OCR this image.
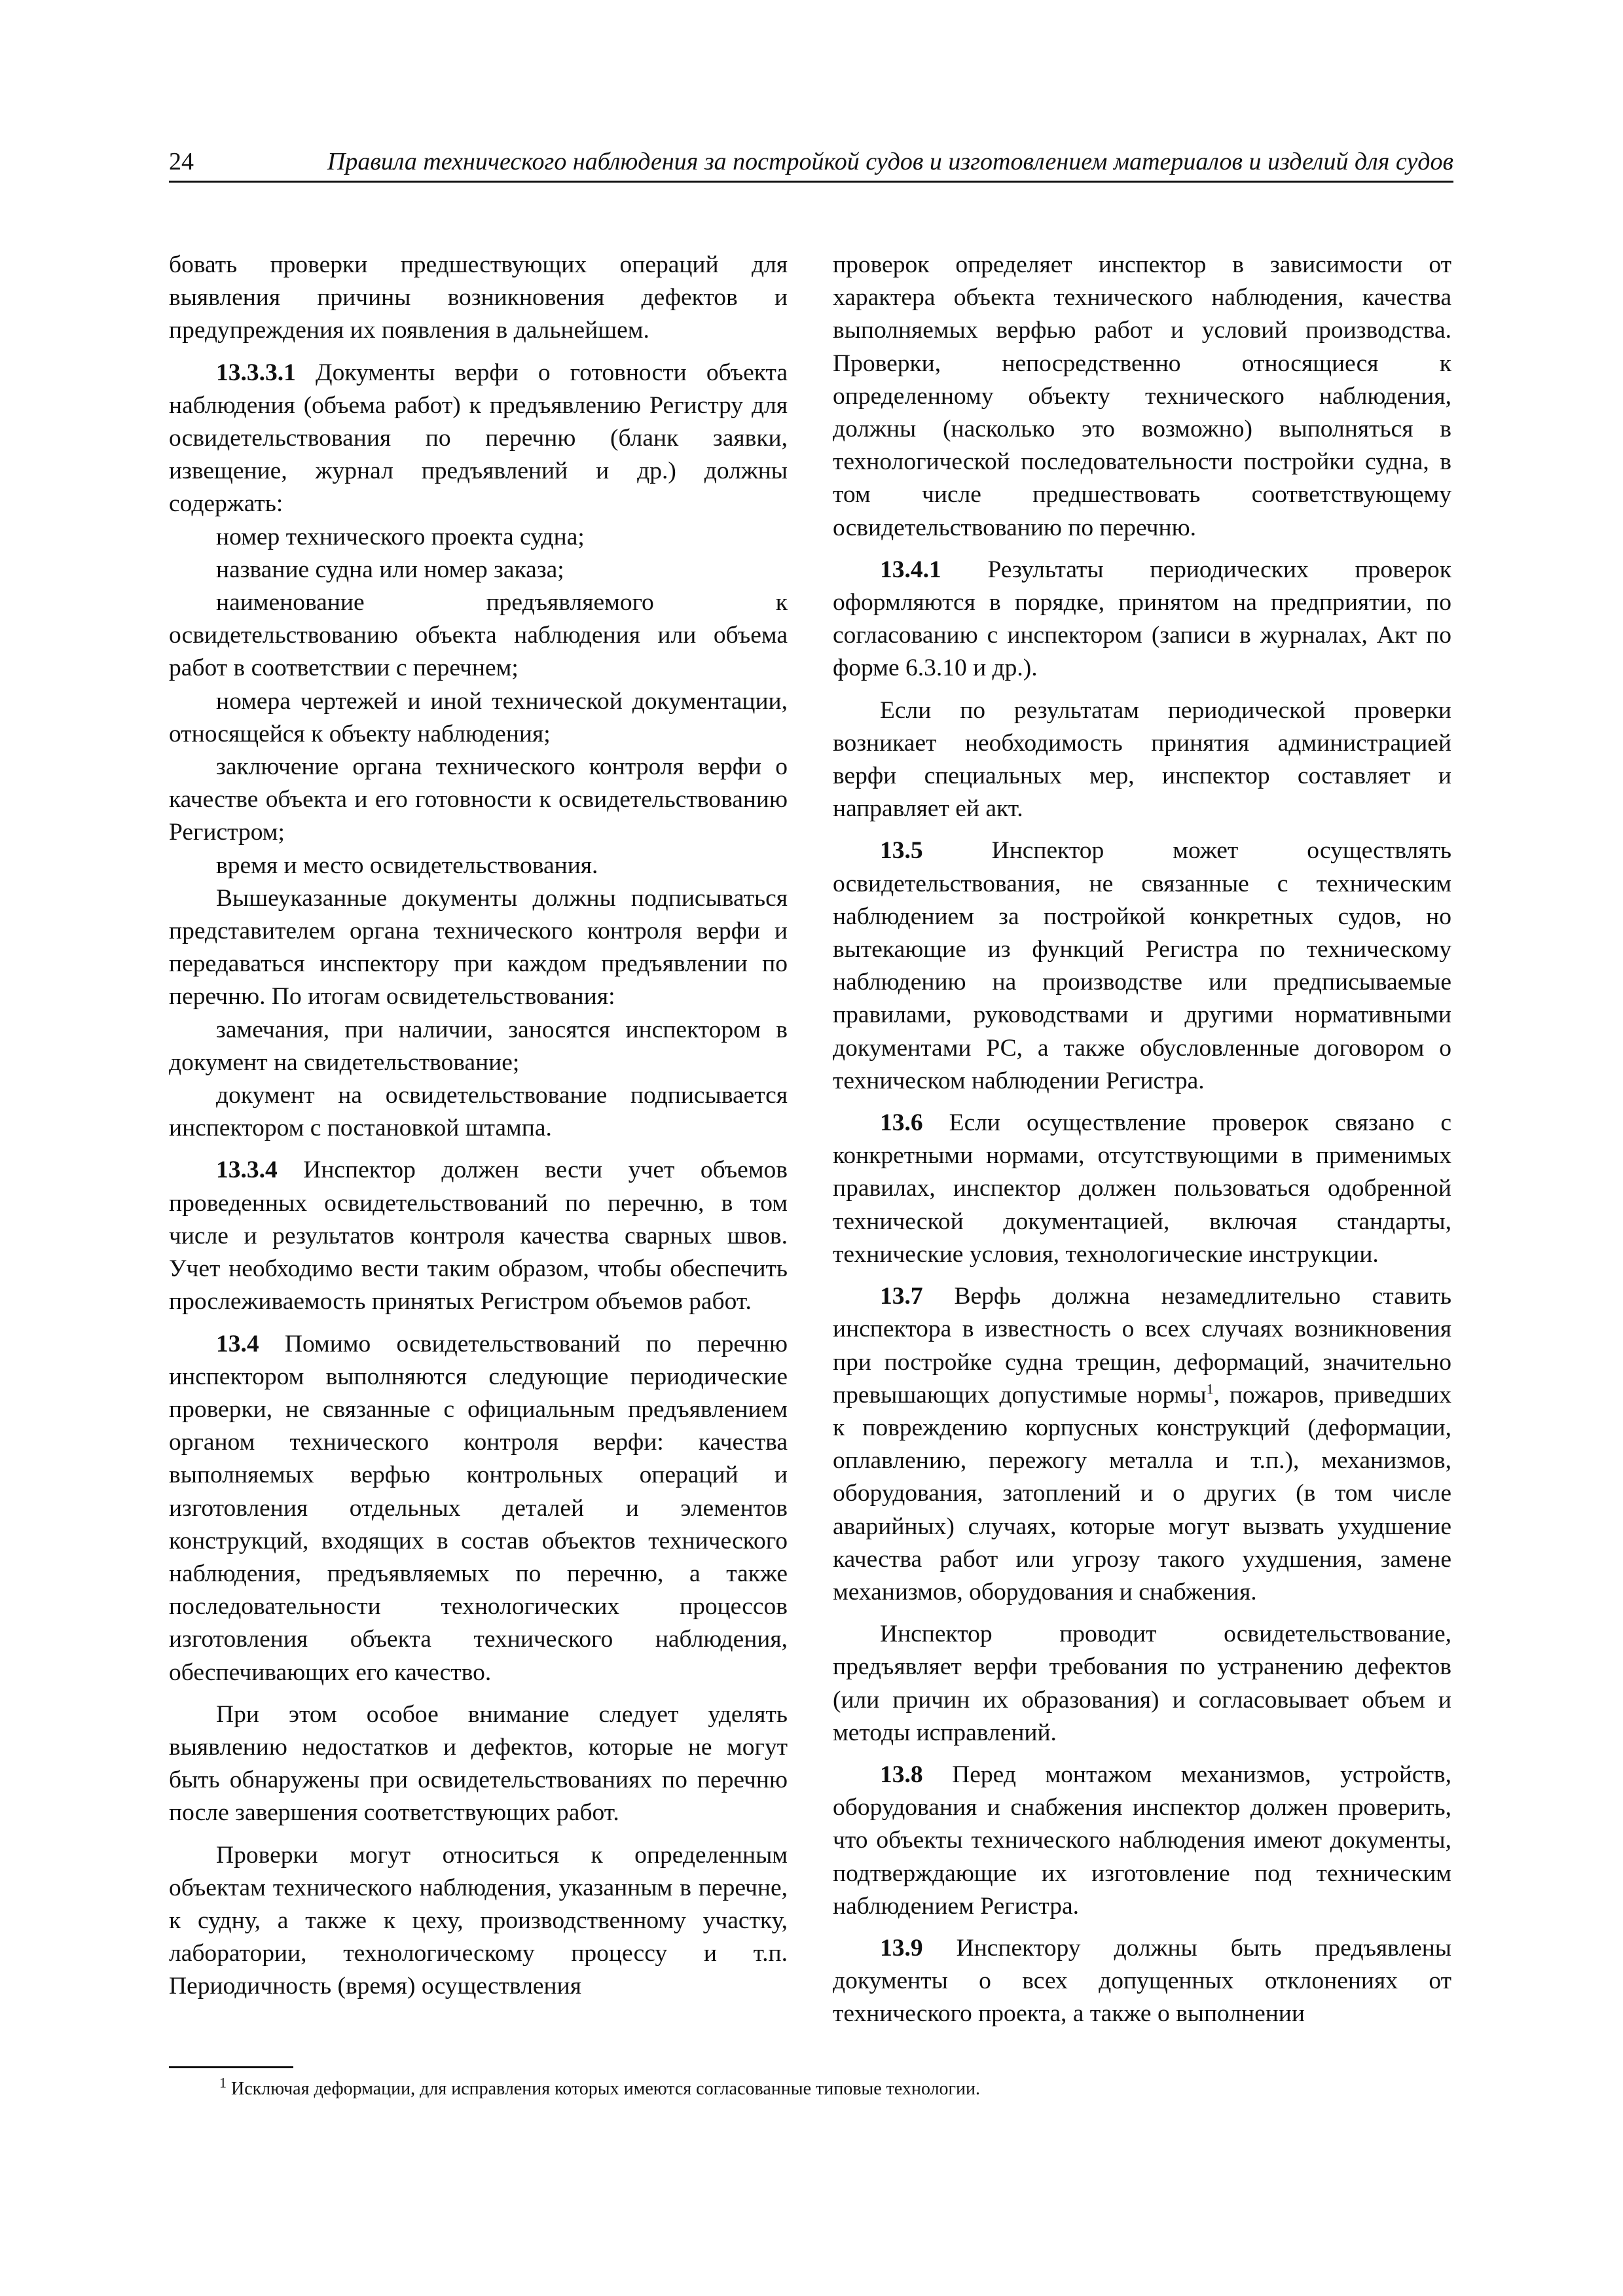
24	Правила технического наблюдения за постройкой судов и изготовлением материалов и изделий для судов

бовать проверки предшествующих операций для выявления причины возникновения дефектов и предупреждения их появления в дальнейшем.

13.3.3.1 Документы верфи о готовности объекта наблюдения (объема работ) к предъявлению Регистру для освидетельствования по перечню (бланк заявки, извещение, журнал предъявлений и др.) должны содержать:

номер технического проекта судна;

название судна или номер заказа;

наименование предъявляемого к освидетельствованию объекта наблюдения или объема работ в соответствии с перечнем;

номера чертежей и иной технической документации, относящейся к объекту наблюдения;

заключение органа технического контроля верфи о качестве объекта и его готовности к освидетельствованию Регистром;

время и место освидетельствования.

Вышеуказанные документы должны подписываться представителем органа технического контроля верфи и передаваться инспектору при каждом предъявлении по перечню. По итогам освидетельствования:

замечания, при наличии, заносятся инспектором в документ на свидетельствование;

документ на освидетельствование подписывается инспектором с постановкой штампа.

13.3.4 Инспектор должен вести учет объемов проведенных освидетельствований по перечню, в том числе и результатов контроля качества сварных швов. Учет необходимо вести таким образом, чтобы обеспечить прослеживаемость принятых Регистром объемов работ.

13.4 Помимо освидетельствований по перечню инспектором выполняются следующие периодические проверки, не связанные с официальным предъявлением органом технического контроля верфи: качества выполняемых верфью контрольных операций и изготовления отдельных деталей и элементов конструкций, входящих в состав объектов технического наблюдения, предъявляемых по перечню, а также последовательности технологических процессов изготовления объекта технического наблюдения, обеспечивающих его качество.

При этом особое внимание следует уделять выявлению недостатков и дефектов, которые не могут быть обнаружены при освидетельствованиях по перечню после завершения соответствующих работ.

Проверки могут относиться к определенным объектам технического наблюдения, указанным в перечне, к судну, а также к цеху, производственному участку, лаборатории, технологическому процессу и т.п. Периодичность (время) осуществления

проверок определяет инспектор в зависимости от характера объекта технического наблюдения, качества выполняемых верфью работ и условий производства. Проверки, непосредственно относящиеся к определенному объекту технического наблюдения, должны (насколько это возможно) выполняться в технологической последовательности постройки судна, в том числе предшествовать соответствующему освидетельствованию по перечню.

13.4.1 Результаты периодических проверок оформляются в порядке, принятом на предприятии, по согласованию с инспектором (записи в журналах, Акт по форме 6.3.10 и др.).

Если по результатам периодической проверки возникает необходимость принятия администрацией верфи специальных мер, инспектор составляет и направляет ей акт.

13.5	Инспектор может осуществлять освидетельствования, не связанные с техническим наблюдением за постройкой конкретных судов, но вытекающие из функций Регистра по техническому наблюдению на производстве или предписываемые правилами, руководствами и другими нормативными документами РС, а также обусловленные договором о техническом наблюдении Регистра.

13.6 Если осуществление проверок связано с конкретными нормами, отсутствующими в применимых правилах, инспектор должен пользоваться одобренной технической документацией, включая стандарты, технические условия, технологические инструкции.

13.7 Верфь должна незамедлительно ставить инспектора в известность о всех случаях возникновения при постройке судна трещин, деформаций, значительно превышающих допустимые нормы$^1$, пожаров, приведших к повреждению корпусных конструкций (деформации, оплавлению, пережогу металла и т.п.), механизмов, оборудования, затоплений и о других (в том числе аварийных) случаях, которые могут вызвать ухудшение качества работ или угрозу такого ухудшения, замене механизмов, оборудования и снабжения.

Инспектор проводит освидетельствование, предъявляет верфи требования по устранению дефектов (или причин их образования) и согласовывает объем и методы исправлений.

13.8 Перед монтажом механизмов, устройств, оборудования и снабжения инспектор должен проверить, что объекты технического наблюдения имеют документы, подтверждающие их изготовление под техническим наблюдением Регистра.

13.9 Инспектору должны быть предъявлены документы о всех допущенных отклонениях от технического проекта, а также о выполнении

$^1$ Исключая деформации, для исправления которых имеются согласованные типовые технологии.
